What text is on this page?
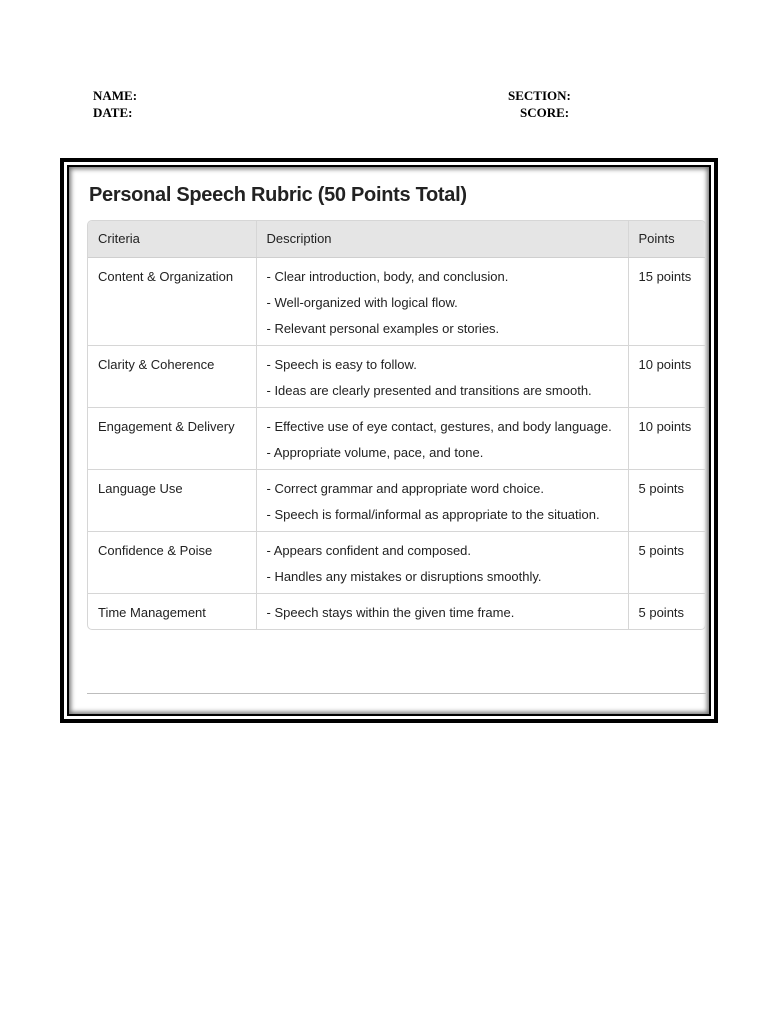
NAME:
DATE:
SECTION:
SCORE:
Personal Speech Rubric (50 Points Total)
Criteria	Description	Points
Content & Organization	- Clear introduction, body, and conclusion.
- Well-organized with logical flow.
- Relevant personal examples or stories.	15 points
Clarity & Coherence	- Speech is easy to follow.
- Ideas are clearly presented and transitions are smooth.	10 points
Engagement & Delivery	- Effective use of eye contact, gestures, and body language.
- Appropriate volume, pace, and tone.	10 points
Language Use	- Correct grammar and appropriate word choice.
- Speech is formal/informal as appropriate to the situation.	5 points
Confidence & Poise	- Appears confident and composed.
- Handles any mistakes or disruptions smoothly.	5 points
Time Management	- Speech stays within the given time frame.	5 points
